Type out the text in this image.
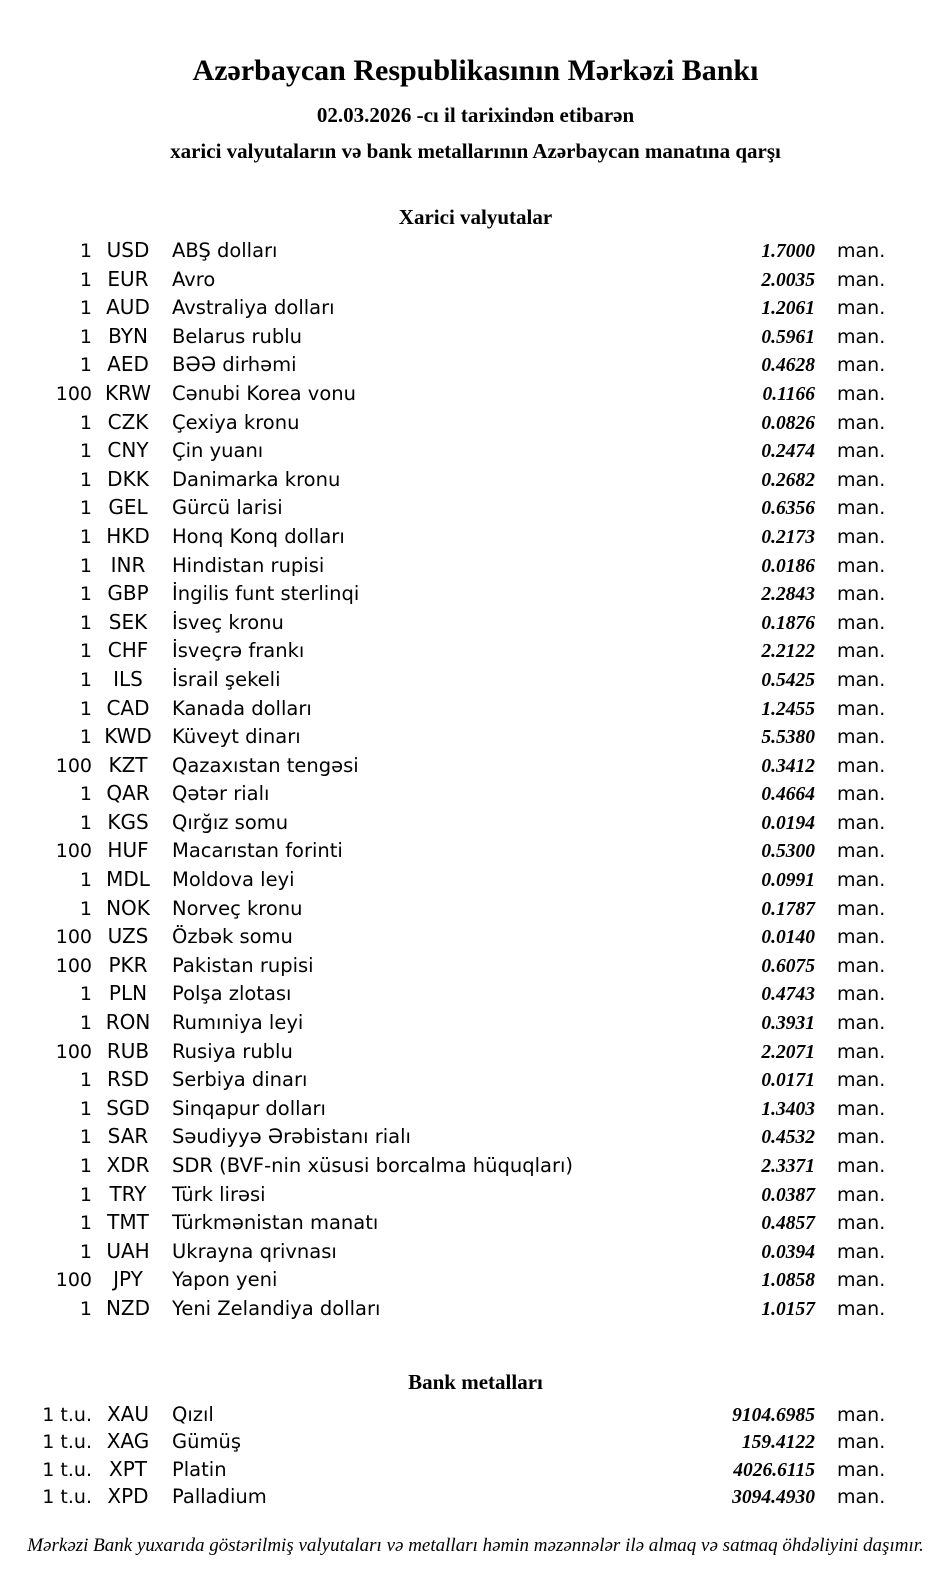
Azərbaycan Respublikasının Mərkəzi Bankı
02.03.2026 -cı il tarixindən etibarən
xarici valyutaların və bank metallarının Azərbaycan manatına qarşı
Xarici valyutalar
1 USD	ABŞ dolları	1.7000	man.
1 EUR	Avro	2.0035	man.
1 AUD	Avstraliya dolları	1.2061	man.
1 BYN	Belarus rublu	0.5961	man.
1 AED	BƏƏ dirhəmi	0.4628	man.
100 KRW	Cənubi Korea vonu	0.1166	man.
1 CZK	Çexiya kronu	0.0826	man.
1 CNY	Çin yuanı	0.2474	man.
1 DKK	Danimarka kronu	0.2682	man.
1 GEL	Gürcü larisi	0.6356	man.
1 HKD	Honq Konq dolları	0.2173	man.
1 INR	Hindistan rupisi	0.0186	man.
1 GBP	İngilis funt sterlinqi	2.2843	man.
1 SEK	İsveç kronu	0.1876	man.
1 CHF	İsveçrə frankı	2.2122	man.
1	ILS	İsrail şekeli	0.5425	man.
1 CAD	Kanada dolları	1.2455	man.
1 KWD	Küveyt dinarı	5.5380	man.
100 KZT	Qazaxıstan tengəsi	0.3412	man.
1 QAR	Qətər rialı	0.4664	man.
1 KGS	Qırğız somu	0.0194	man.
100 HUF	Macarıstan forinti	0.5300	man.
1 MDL	Moldova leyi	0.0991	man.
1 NOK	Norveç kronu	0.1787	man.
100 UZS	Özbək somu	0.0140	man.
100 PKR	Pakistan rupisi	0.6075	man.
1 PLN	Polşa zlotası	0.4743	man.
1 RON	Rumıniya leyi	0.3931	man.
100 RUB	Rusiya rublu	2.2071	man.
1 RSD	Serbiya dinarı	0.0171	man.
1 SGD	Sinqapur dolları	1.3403	man.
1 SAR	Səudiyyə Ərəbistanı rialı	0.4532	man.
1 XDR	SDR (BVF-nin xüsusi borcalma hüquqları)	2.3371	man.
1 TRY	Türk lirəsi	0.0387	man.
1 TMT	Türkmənistan manatı	0.4857	man.
1 UAH	Ukrayna qrivnası	0.0394	man.
100	JPY	Yapon yeni	1.0858	man.
1 NZD	Yeni Zelandiya dolları	1.0157	man.
Bank metalları
1 t.u. XAU	Qızıl	9104.6985	man.
1 t.u. XAG	Gümüş	159.4122	man.
1 t.u. XPT	Platin	4026.6115	man.
1 t.u. XPD	Palladium	3094.4930	man.
Mərkəzi Bank yuxarıda göstərilmiş valyutaları və metalları həmin məzənnələr ilə almaq və satmaq öhdəliyini daşımır.
